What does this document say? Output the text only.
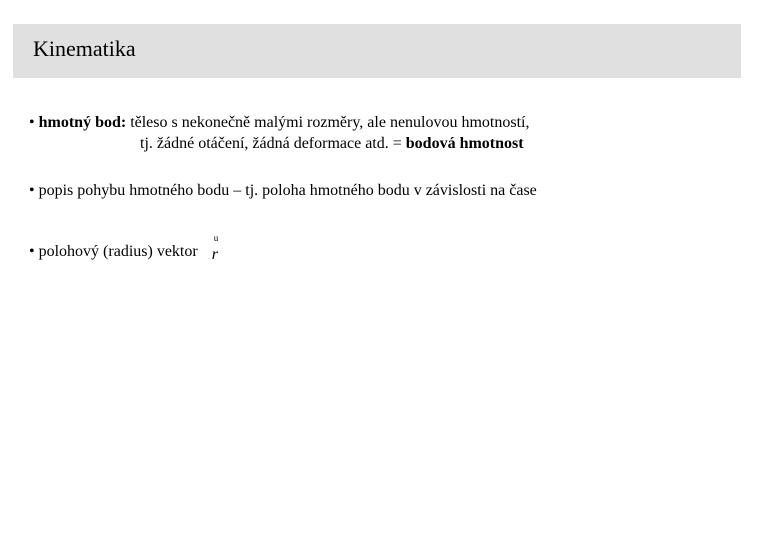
Kinematika
• hmotný bod: těleso s nekonečně malými rozměry, ale nenulovou hmotností,
tj. žádné otáčení, žádná deformace atd. = bodová hmotnost
• popis pohybu hmotného bodu – tj. poloha hmotného bodu v závislosti na čase
• polohový (radius) vektor
u
r
